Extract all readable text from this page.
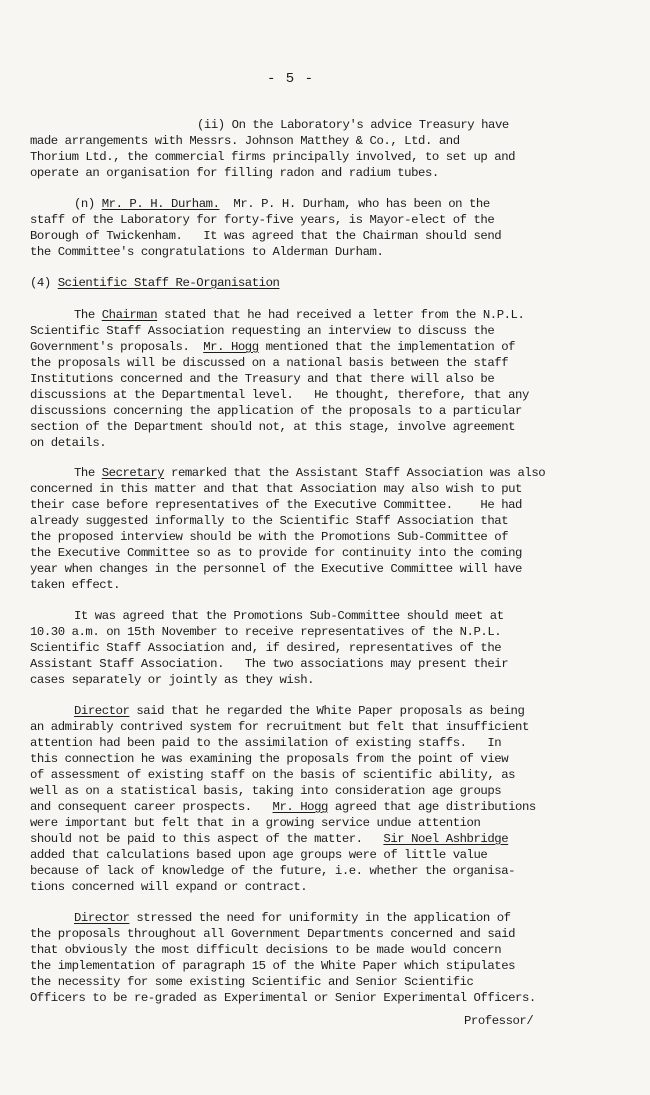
- 5 -
(ii) On the Laboratory's advice Treasury have
made arrangements with Messrs. Johnson Matthey & Co., Ltd. and
Thorium Ltd., the commercial firms principally involved, to set up and
operate an organisation for filling radon and radium tubes.
(n) Mr. P. H. Durham.  Mr. P. H. Durham, who has been on the
staff of the Laboratory for forty-five years, is Mayor-elect of the
Borough of Twickenham.   It was agreed that the Chairman should send
the Committee's congratulations to Alderman Durham.
(4) Scientific Staff Re-Organisation
The Chairman stated that he had received a letter from the N.P.L.
Scientific Staff Association requesting an interview to discuss the
Government's proposals.  Mr. Hogg mentioned that the implementation of
the proposals will be discussed on a national basis between the staff
Institutions concerned and the Treasury and that there will also be
discussions at the Departmental level.   He thought, therefore, that any
discussions concerning the application of the proposals to a particular
section of the Department should not, at this stage, involve agreement
on details.
The Secretary remarked that the Assistant Staff Association was also
concerned in this matter and that that Association may also wish to put
their case before representatives of the Executive Committee.    He had
already suggested informally to the Scientific Staff Association that
the proposed interview should be with the Promotions Sub-Committee of
the Executive Committee so as to provide for continuity into the coming
year when changes in the personnel of the Executive Committee will have
taken effect.
It was agreed that the Promotions Sub-Committee should meet at
10.30 a.m. on 15th November to receive representatives of the N.P.L.
Scientific Staff Association and, if desired, representatives of the
Assistant Staff Association.   The two associations may present their
cases separately or jointly as they wish.
Director said that he regarded the White Paper proposals as being
an admirably contrived system for recruitment but felt that insufficient
attention had been paid to the assimilation of existing staffs.   In
this connection he was examining the proposals from the point of view
of assessment of existing staff on the basis of scientific ability, as
well as on a statistical basis, taking into consideration age groups
and consequent career prospects.   Mr. Hogg agreed that age distributions
were important but felt that in a growing service undue attention
should not be paid to this aspect of the matter.   Sir Noel Ashbridge
added that calculations based upon age groups were of little value
because of lack of knowledge of the future, i.e. whether the organisa-
tions concerned will expand or contract.
Director stressed the need for uniformity in the application of
the proposals throughout all Government Departments concerned and said
that obviously the most difficult decisions to be made would concern
the implementation of paragraph 15 of the White Paper which stipulates
the necessity for some existing Scientific and Senior Scientific
Officers to be re-graded as Experimental or Senior Experimental Officers.
Professor/
